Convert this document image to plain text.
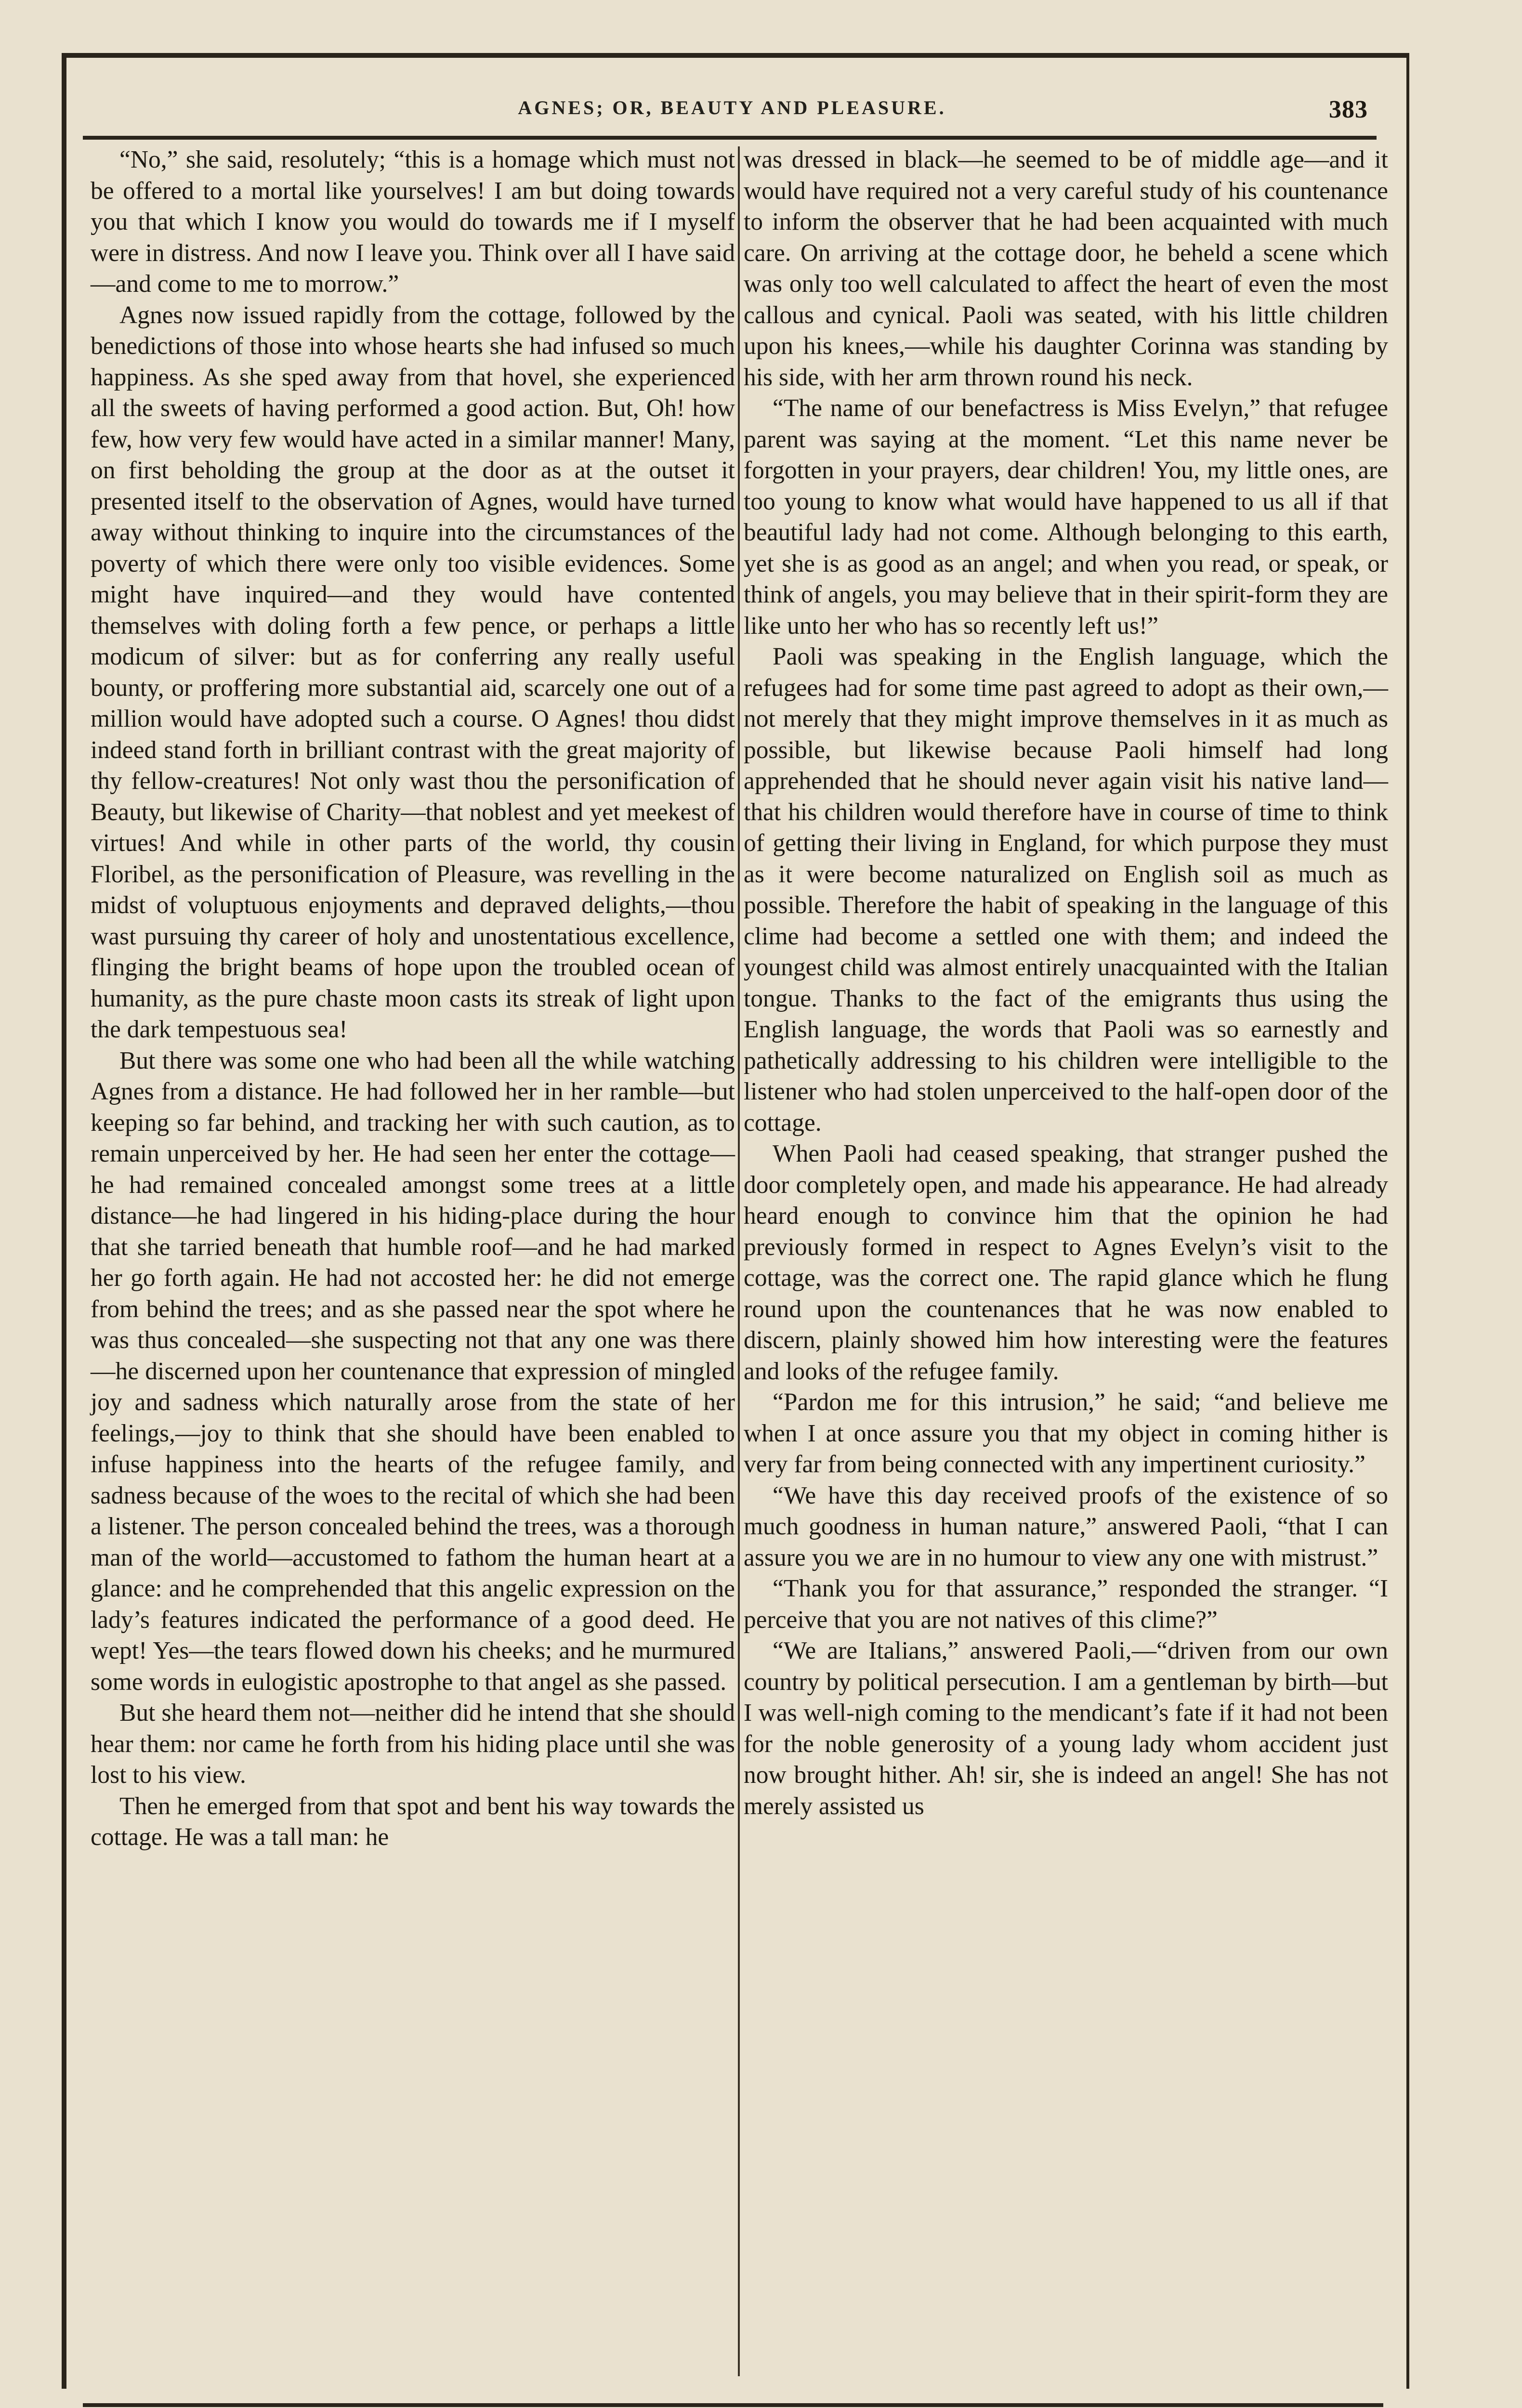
AGNES; OR, BEAUTY AND PLEASURE.	383

“No,” she said, resolutely; “this is a homage which must not be offered to a mortal like yourselves! I am but doing towards you that which I know you would do towards me if I myself were in distress. And now I leave you. Think over all I have said—and come to me to morrow.”

Agnes now issued rapidly from the cottage, followed by the benedictions of those into whose hearts she had infused so much happiness. As she sped away from that hovel, she experienced all the sweets of having performed a good action. But, Oh! how few, how very few would have acted in a similar manner! Many, on first beholding the group at the door as at the outset it presented itself to the observation of Agnes, would have turned away without thinking to inquire into the circumstances of the poverty of which there were only too visible evidences. Some might have inquired—and they would have contented themselves with doling forth a few pence, or perhaps a little modicum of silver: but as for conferring any really useful bounty, or proffering more substantial aid, scarcely one out of a million would have adopted such a course. O Agnes! thou didst indeed stand forth in brilliant contrast with the great majority of thy fellow-creatures! Not only wast thou the personification of Beauty, but likewise of Charity—that noblest and yet meekest of virtues! And while in other parts of the world, thy cousin Floribel, as the personification of Pleasure, was revelling in the midst of voluptuous enjoyments and depraved delights,—thou wast pursuing thy career of holy and unostentatious excellence, flinging the bright beams of hope upon the troubled ocean of humanity, as the pure chaste moon casts its streak of light upon the dark tempestuous sea!

But there was some one who had been all the while watching Agnes from a distance. He had followed her in her ramble—but keeping so far behind, and tracking her with such caution, as to remain unperceived by her. He had seen her enter the cottage—he had remained concealed amongst some trees at a little distance—he had lingered in his hiding-place during the hour that she tarried beneath that humble roof—and he had marked her go forth again. He had not accosted her: he did not emerge from behind the trees; and as she passed near the spot where he was thus concealed—she suspecting not that any one was there—he discerned upon her countenance that expression of mingled joy and sadness which naturally arose from the state of her feelings,—joy to think that she should have been enabled to infuse happiness into the hearts of the refugee family, and sadness because of the woes to the recital of which she had been a listener. The person concealed behind the trees, was a thorough man of the world—accustomed to fathom the human heart at a glance: and he comprehended that this angelic expression on the lady’s features indicated the performance of a good deed. He wept! Yes—the tears flowed down his cheeks; and he murmured some words in eulogistic apostrophe to that angel as she passed.

But she heard them not—neither did he intend that she should hear them: nor came he forth from his hiding place until she was lost to his view.

Then he emerged from that spot and bent his way towards the cottage. He was a tall man: he

was dressed in black—he seemed to be of middle age—and it would have required not a very careful study of his countenance to inform the observer that he had been acquainted with much care. On arriving at the cottage door, he beheld a scene which was only too well calculated to affect the heart of even the most callous and cynical. Paoli was seated, with his little children upon his knees,—while his daughter Corinna was standing by his side, with her arm thrown round his neck.

“The name of our benefactress is Miss Evelyn,” that refugee parent was saying at the moment. “Let this name never be forgotten in your prayers, dear children! You, my little ones, are too young to know what would have happened to us all if that beautiful lady had not come. Although belonging to this earth, yet she is as good as an angel; and when you read, or speak, or think of angels, you may believe that in their spirit-form they are like unto her who has so recently left us!”

Paoli was speaking in the English language, which the refugees had for some time past agreed to adopt as their own,—not merely that they might improve themselves in it as much as possible, but likewise because Paoli himself had long apprehended that he should never again visit his native land—that his children would therefore have in course of time to think of getting their living in England, for which purpose they must as it were become naturalized on English soil as much as possible. Therefore the habit of speaking in the language of this clime had become a settled one with them; and indeed the youngest child was almost entirely unacquainted with the Italian tongue. Thanks to the fact of the emigrants thus using the English language, the words that Paoli was so earnestly and pathetically addressing to his children were intelligible to the listener who had stolen unperceived to the half-open door of the cottage.

When Paoli had ceased speaking, that stranger pushed the door completely open, and made his appearance. He had already heard enough to convince him that the opinion he had previously formed in respect to Agnes Evelyn’s visit to the cottage, was the correct one. The rapid glance which he flung round upon the countenances that he was now enabled to discern, plainly showed him how interesting were the features and looks of the refugee family.

“Pardon me for this intrusion,” he said; “and believe me when I at once assure you that my object in coming hither is very far from being connected with any impertinent curiosity.”

“We have this day received proofs of the existence of so much goodness in human nature,” answered Paoli, “that I can assure you we are in no humour to view any one with mistrust.”

“Thank you for that assurance,” responded the stranger. “I perceive that you are not natives of this clime?”

“We are Italians,” answered Paoli,—“driven from our own country by political persecution. I am a gentleman by birth—but I was well-nigh coming to the mendicant’s fate if it had not been for the noble generosity of a young lady whom accident just now brought hither. Ah! sir, she is indeed an angel! She has not merely assisted us
